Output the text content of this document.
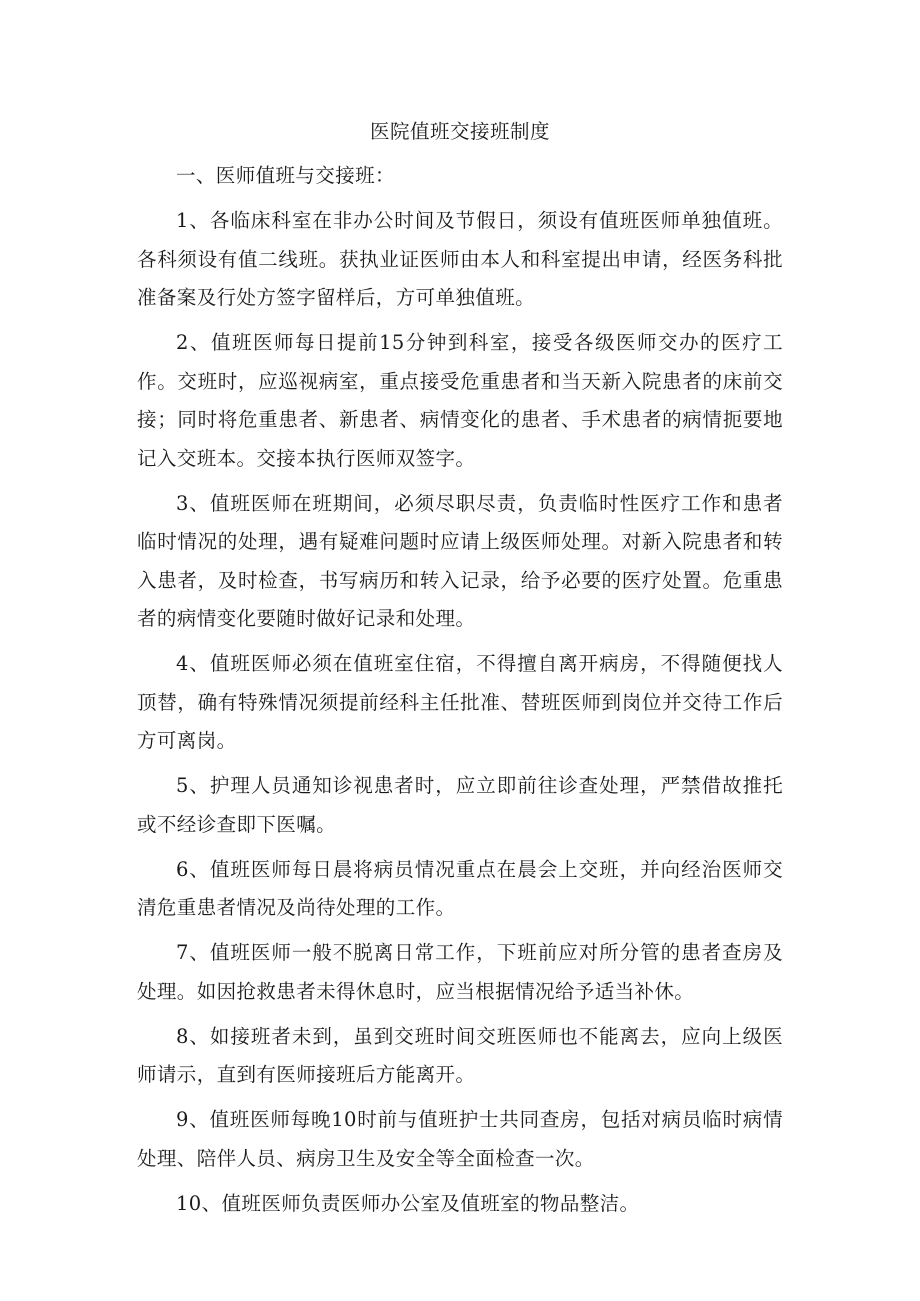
医院值班交接班制度

一、医师值班与交接班：

1、各临床科室在非办公时间及节假日，须设有值班医师单独值班。各科须设有值二线班。获执业证医师由本人和科室提出申请，经医务科批准备案及行处方签字留样后，方可单独值班。

2、值班医师每日提前15分钟到科室，接受各级医师交办的医疗工作。交班时，应巡视病室，重点接受危重患者和当天新入院患者的床前交接；同时将危重患者、新患者、病情变化的患者、手术患者的病情扼要地记入交班本。交接本执行医师双签字。

3、值班医师在班期间，必须尽职尽责，负责临时性医疗工作和患者临时情况的处理，遇有疑难问题时应请上级医师处理。对新入院患者和转入患者，及时检查，书写病历和转入记录，给予必要的医疗处置。危重患者的病情变化要随时做好记录和处理。

4、值班医师必须在值班室住宿，不得擅自离开病房，不得随便找人顶替，确有特殊情况须提前经科主任批准、替班医师到岗位并交待工作后方可离岗。

5、护理人员通知诊视患者时，应立即前往诊查处理，严禁借故推托或不经诊查即下医嘱。

6、值班医师每日晨将病员情况重点在晨会上交班，并向经治医师交清危重患者情况及尚待处理的工作。

7、值班医师一般不脱离日常工作，下班前应对所分管的患者查房及处理。如因抢救患者未得休息时，应当根据情况给予适当补休。

8、如接班者未到，虽到交班时间交班医师也不能离去，应向上级医师请示，直到有医师接班后方能离开。

9、值班医师每晚10时前与值班护士共同查房，包括对病员临时病情处理、陪伴人员、病房卫生及安全等全面检查一次。

10、值班医师负责医师办公室及值班室的物品整洁。
